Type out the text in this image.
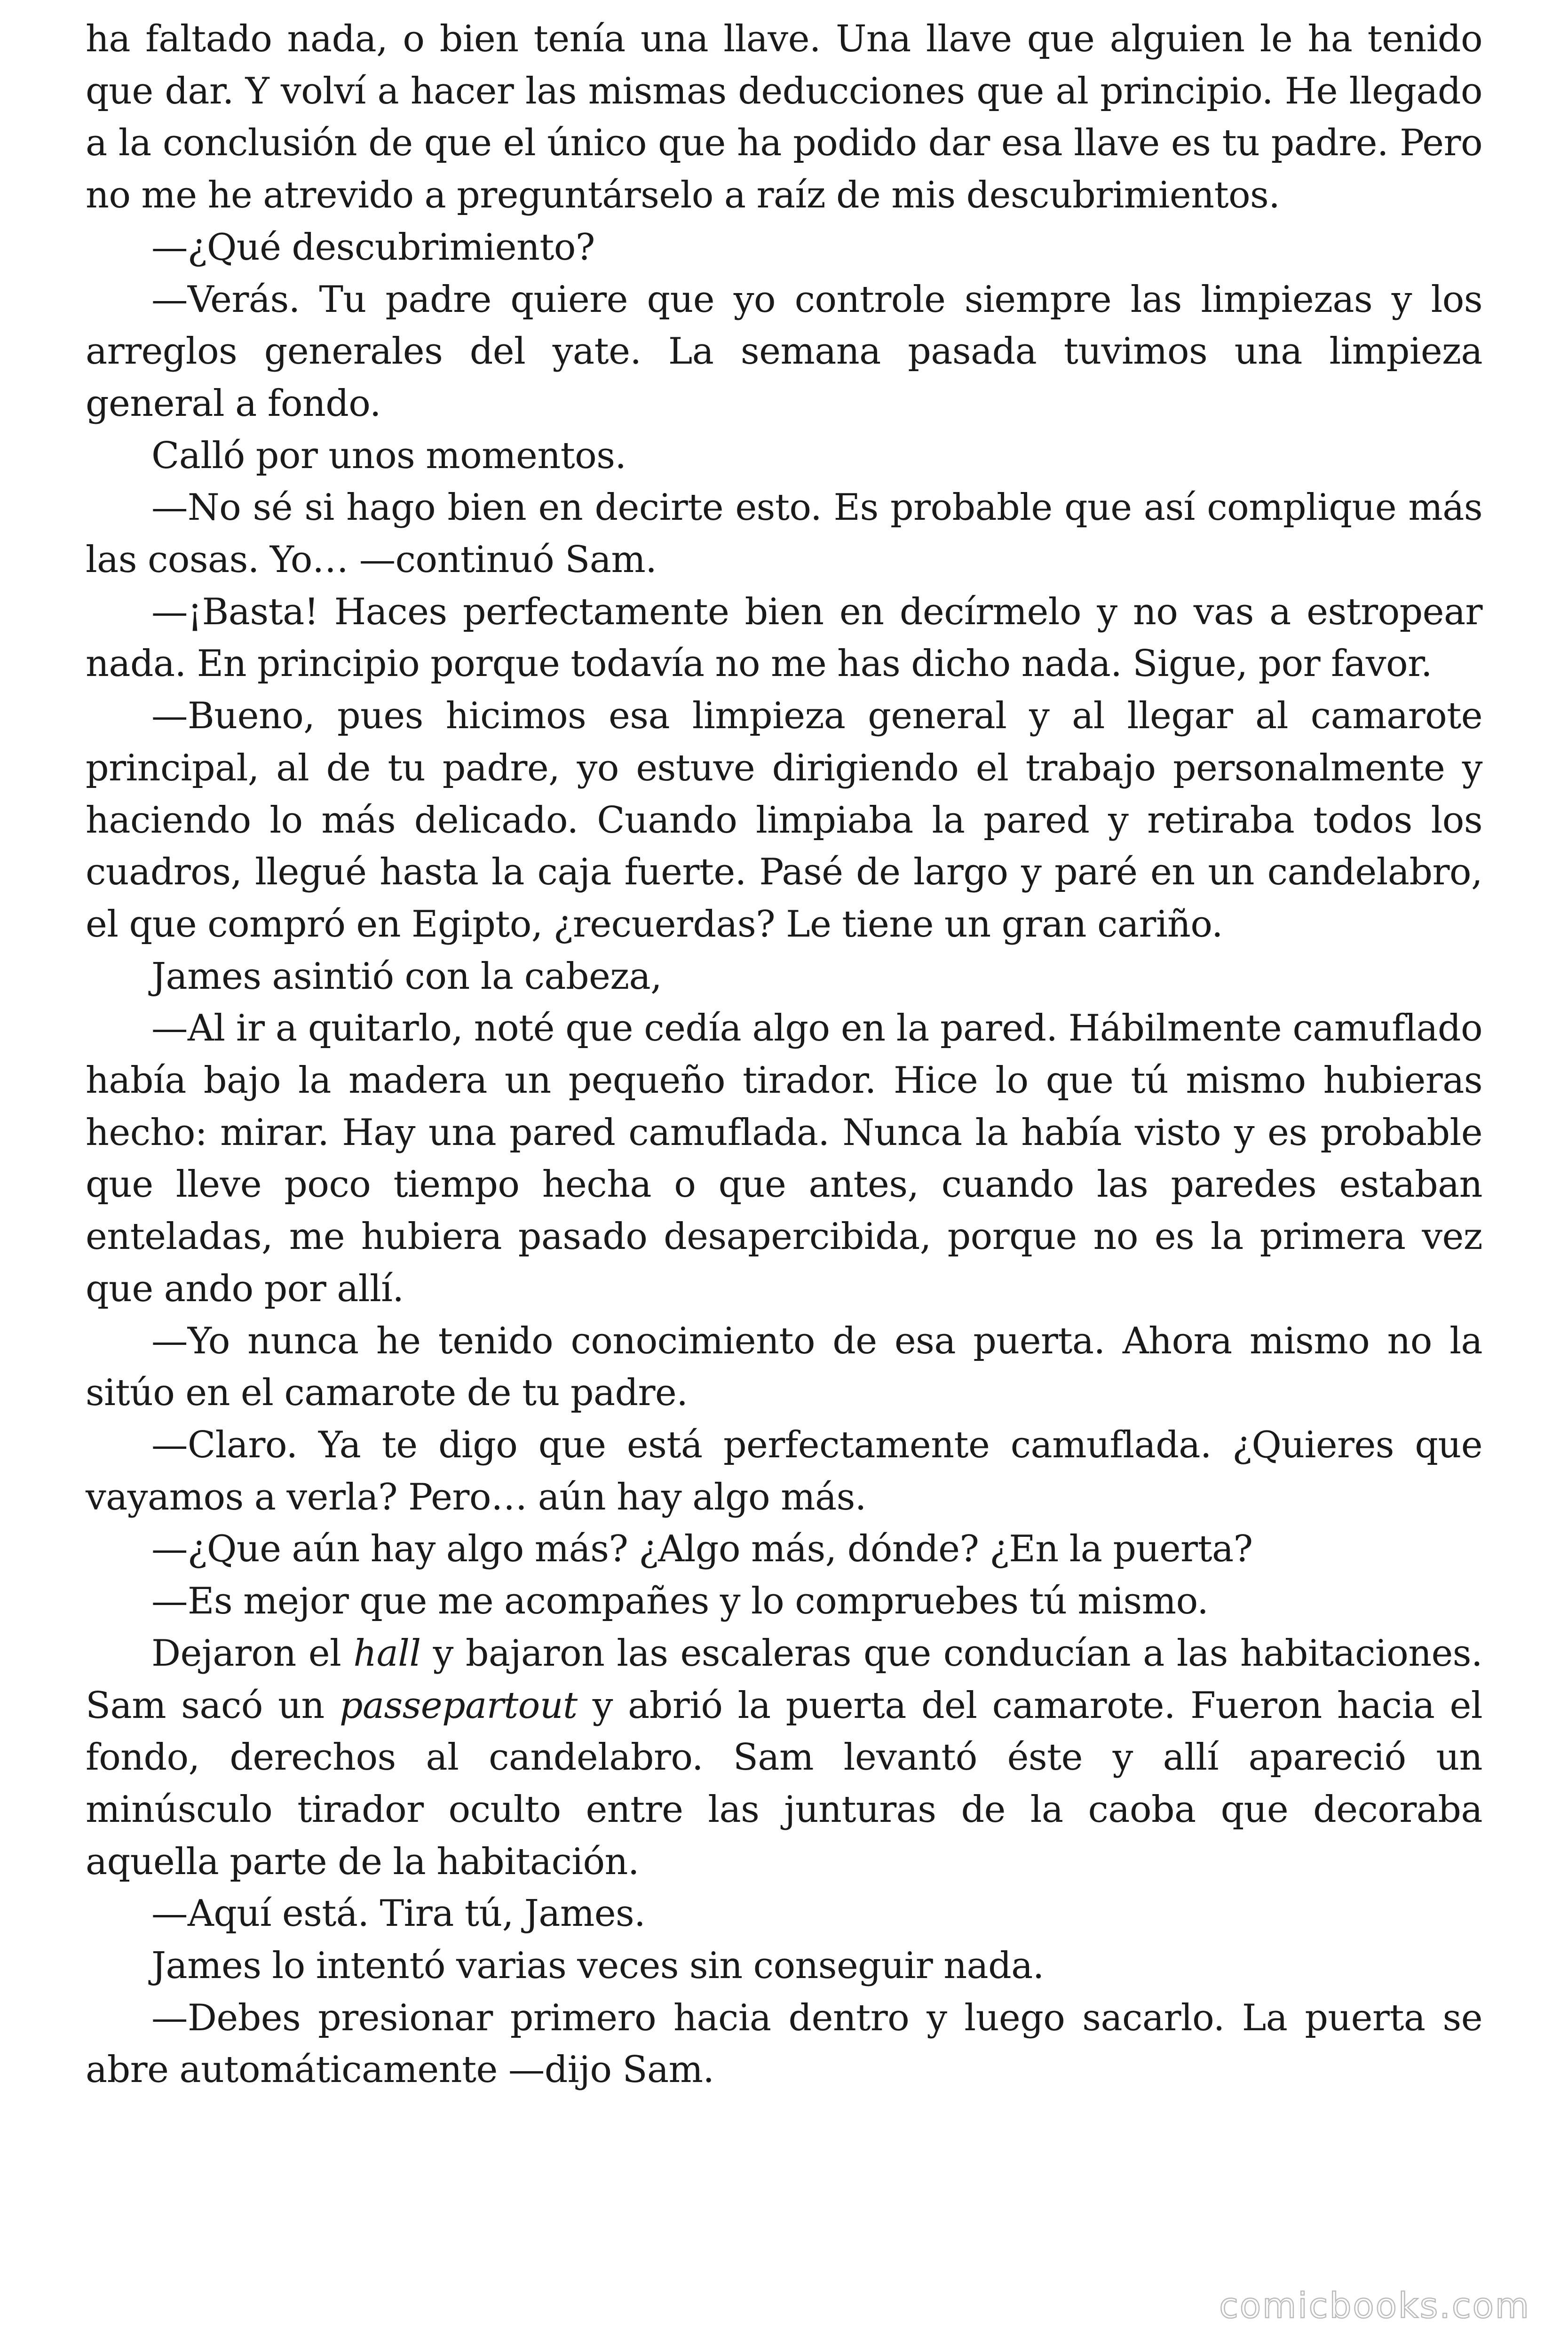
ha faltado nada, o bien tenía una llave. Una llave que alguien le ha tenido que dar. Y volví a hacer las mismas deducciones que al principio. He llegado a la conclusión de que el único que ha podido dar esa llave es tu padre. Pero no me he atrevido a preguntárselo a raíz de mis descubrimientos.

—¿Qué descubrimiento?

—Verás. Tu padre quiere que yo controle siempre las limpiezas y los arreglos generales del yate. La semana pasada tuvimos una limpieza general a fondo.

Calló por unos momentos.

—No sé si hago bien en decirte esto. Es probable que así complique más las cosas. Yo… —continuó Sam.

—¡Basta! Haces perfectamente bien en decírmelo y no vas a estropear nada. En principio porque todavía no me has dicho nada. Sigue, por favor.

—Bueno, pues hicimos esa limpieza general y al llegar al camarote principal, al de tu padre, yo estuve dirigiendo el trabajo personalmente y haciendo lo más delicado. Cuando limpiaba la pared y retiraba todos los cuadros, llegué hasta la caja fuerte. Pasé de largo y paré en un candelabro, el que compró en Egipto, ¿recuerdas? Le tiene un gran cariño.

James asintió con la cabeza,

—Al ir a quitarlo, noté que cedía algo en la pared. Hábilmente camuflado había bajo la madera un pequeño tirador. Hice lo que tú mismo hubieras hecho: mirar. Hay una pared camuflada. Nunca la había visto y es probable que lleve poco tiempo hecha o que antes, cuando las paredes estaban enteladas, me hubiera pasado desapercibida, porque no es la primera vez que ando por allí.

—Yo nunca he tenido conocimiento de esa puerta. Ahora mismo no la sitúo en el camarote de tu padre.

—Claro. Ya te digo que está perfectamente camuflada. ¿Quieres que vayamos a verla? Pero… aún hay algo más.

—¿Que aún hay algo más? ¿Algo más, dónde? ¿En la puerta?

—Es mejor que me acompañes y lo compruebes tú mismo.

Dejaron el hall y bajaron las escaleras que conducían a las habitaciones. Sam sacó un passepartout y abrió la puerta del camarote. Fueron hacia el fondo, derechos al candelabro. Sam levantó éste y allí apareció un minúsculo tirador oculto entre las junturas de la caoba que decoraba aquella parte de la habitación.

—Aquí está. Tira tú, James.

James lo intentó varias veces sin conseguir nada.

—Debes presionar primero hacia dentro y luego sacarlo. La puerta se abre automáticamente —dijo Sam.

comicbooks.com
